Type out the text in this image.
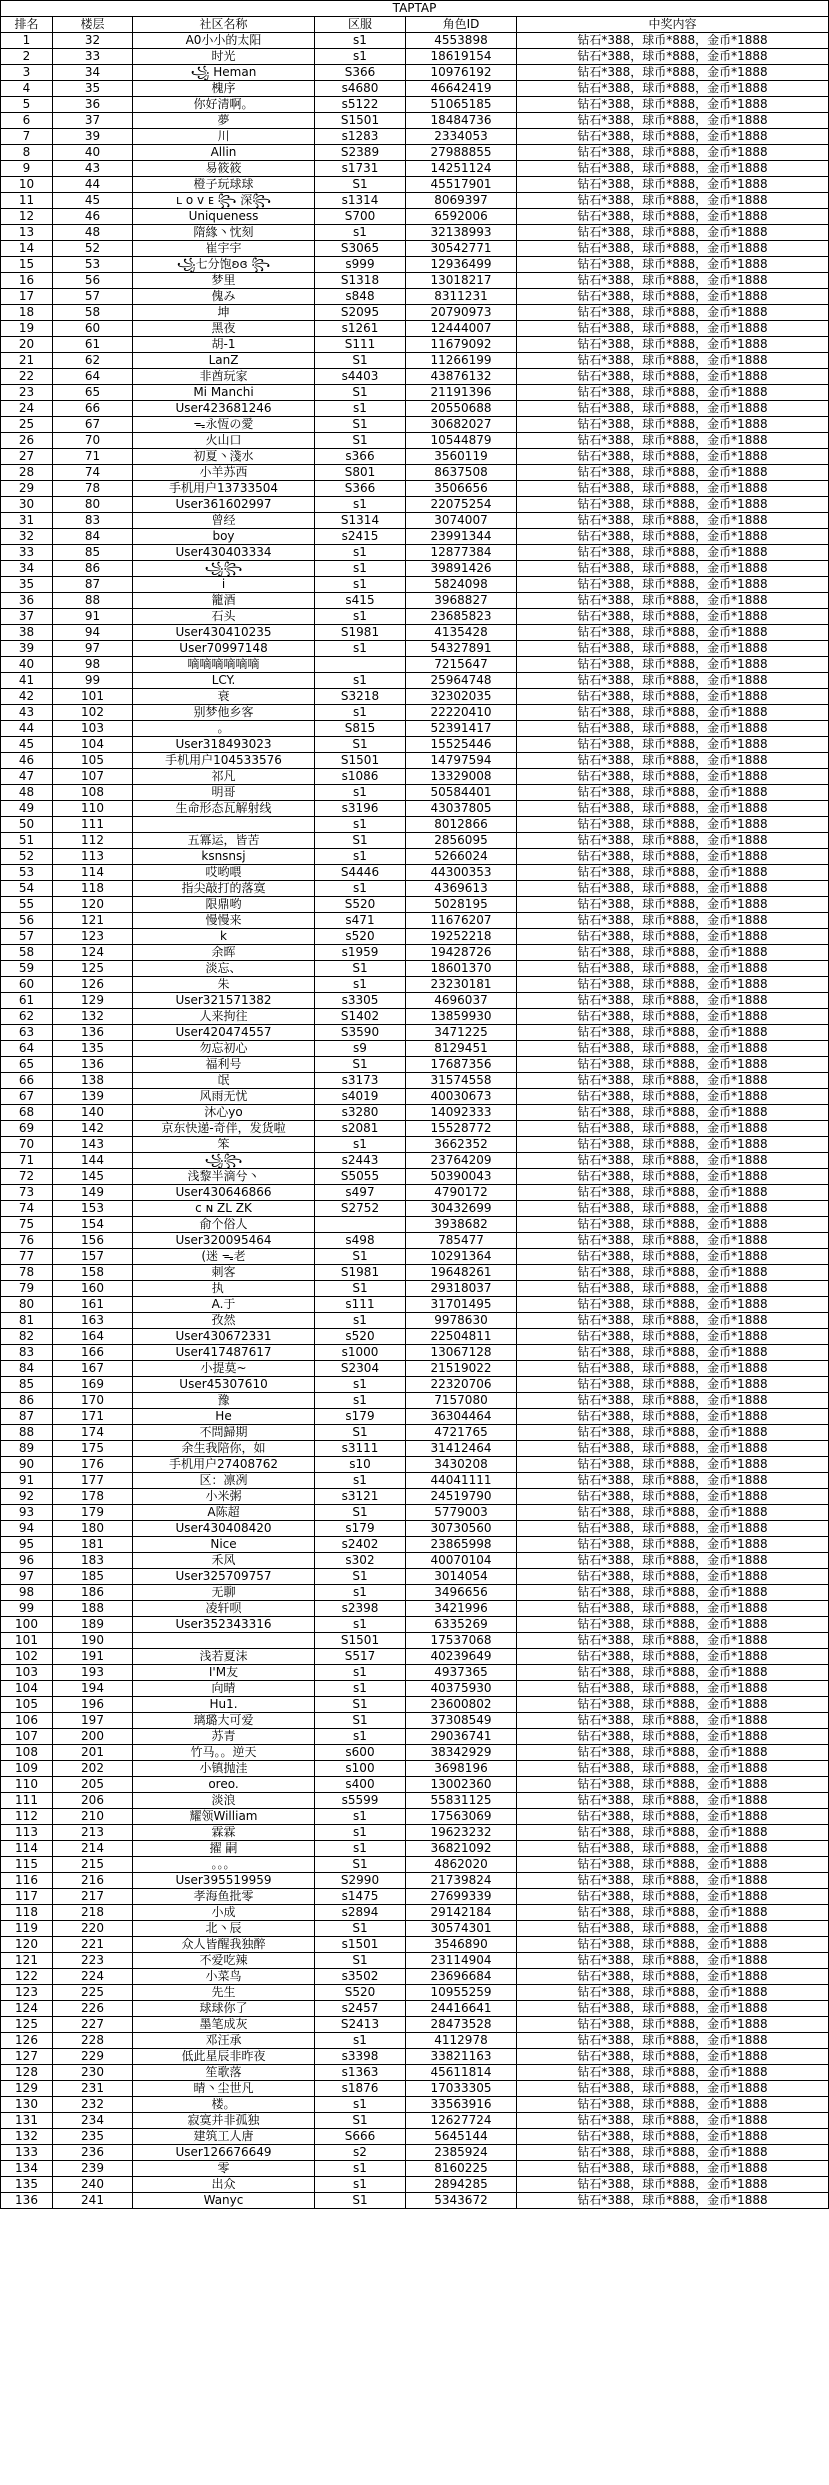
TAPTAP					
排名	楼层	社区名称	区服	角色ID	中奖内容
1	32	A0小小的太阳	s1	4553898	钻石*388，球币*888，金币*1888
2	33	时光	s1	18619154	钻石*388，球币*888，金币*1888
3	34	꧁ Heman	S366	10976192	钻石*388，球币*888，金币*1888
4	35	槐序	s4680	46642419	钻石*388，球币*888，金币*1888
5	36	你好清啊。	s5122	51065185	钻石*388，球币*888，金币*1888
6	37	夢	S1501	18484736	钻石*388，球币*888，金币*1888
7	39	川	s1283	2334053	钻石*388，球币*888，金币*1888
8	40	Allin	S2389	27988855	钻石*388，球币*888，金币*1888
9	43	易筱筱	s1731	14251124	钻石*388，球币*888，金币*1888
10	44	橙子玩球球	S1	45517901	钻石*388，球币*888，金币*1888
11	45	ʟ ᴏ ᴠ ᴇ ꧂ 深꧂	s1314	8069397	钻石*388，球币*888，金币*1888
12	46	Uniqueness	S700	6592006	钻石*388，球币*888，金币*1888
13	48	隋緣丶忱刻	s1	32138993	钻石*388，球币*888，金币*1888
14	52	崔宇宇	S3065	30542771	钻石*388，球币*888，金币*1888
15	53	꧁七分饱ʚɞ ꧂	s999	12936499	钻石*388，球币*888，金币*1888
16	56	梦里	S1318	13018217	钻石*388，球币*888，金币*1888
17	57	傀み	s848	8311231	钻石*388，球币*888，金币*1888
18	58	坤	S2095	20790973	钻石*388，球币*888，金币*1888
19	60	黑夜	s1261	12444007	钻石*388，球币*888，金币*1888
20	61	胡-1	S111	11679092	钻石*388，球币*888，金币*1888
21	62	LanZ	S1	11266199	钻石*388，球币*888，金币*1888
22	64	非酋玩家	s4403	43876132	钻石*388，球币*888，金币*1888
23	65	Mi Manchi	S1	21191396	钻石*388，球币*888，金币*1888
24	66	User423681246	s1	20550688	钻石*388，球币*888，金币*1888
25	67	ᯓ永恆の愛	S1	30682027	钻石*388，球币*888，金币*1888
26	70	火山口	S1	10544879	钻石*388，球币*888，金币*1888
27	71	初夏丶淺水	s366	3560119	钻石*388，球币*888，金币*1888
28	74	小羊苏西	S801	8637508	钻石*388，球币*888，金币*1888
29	78	手机用户13733504	S366	3506656	钻石*388，球币*888，金币*1888
30	80	User361602997	s1	22075254	钻石*388，球币*888，金币*1888
31	83	曾经	S1314	3074007	钻石*388，球币*888，金币*1888
32	84	boy	s2415	23991344	钻石*388，球币*888，金币*1888
33	85	User430403334	s1	12877384	钻石*388，球币*888，金币*1888
34	86	꧁꧂	s1	39891426	钻石*388，球币*888，金币*1888
35	87	i	s1	5824098	钻石*388，球币*888，金币*1888
36	88	籠酒	s415	3968827	钻石*388，球币*888，金币*1888
37	91	石头	s1	23685823	钻石*388，球币*888，金币*1888
38	94	User430410235	S1981	4135428	钻石*388，球币*888，金币*1888
39	97	User70997148	s1	54327891	钻石*388，球币*888，金币*1888
40	98	嘀嘀嘀嘀嘀嘀		7215647	钻石*388，球币*888，金币*1888
41	99	LCY.	s1	25964748	钻石*388，球币*888，金币*1888
42	101	衰	S3218	32302035	钻石*388，球币*888，金币*1888
43	102	别梦他乡客	s1	22220410	钻石*388，球币*888，金币*1888
44	103	。	S815	52391417	钻石*388，球币*888，金币*1888
45	104	User318493023	S1	15525446	钻石*388，球币*888，金币*1888
46	105	手机用户104533576	S1501	14797594	钻石*388，球币*888，金币*1888
47	107	祁凡	s1086	13329008	钻石*388，球币*888，金币*1888
48	108	明哥	s1	50584401	钻石*388，球币*888，金币*1888
49	110	生命形态瓦解射线	s3196	43037805	钻石*388，球币*888，金币*1888
50	111	ᅟ	s1	8012866	钻石*388，球币*888，金币*1888
51	112	五冪运，皆苦	S1	2856095	钻石*388，球币*888，金币*1888
52	113	ksnsnsj	s1	5266024	钻石*388，球币*888，金币*1888
53	114	哎哟喂	S4446	44300353	钻石*388，球币*888，金币*1888
54	118	指尖敲打的落寞	s1	4369613	钻石*388，球币*888，金币*1888
55	120	限鼎哟	S520	5028195	钻石*388，球币*888，金币*1888
56	121	慢慢来	s471	11676207	钻石*388，球币*888，金币*1888
57	123	k	s520	19252218	钻石*388，球币*888，金币*1888
58	124	余晖	s1959	19428726	钻石*388，球币*888，金币*1888
59	125	淡忘、	S1	18601370	钻石*388，球币*888，金币*1888
60	126	朱	s1	23230181	钻石*388，球币*888，金币*1888
61	129	User321571382	s3305	4696037	钻石*388，球币*888，金币*1888
62	132	人来拘往	S1402	13859930	钻石*388，球币*888，金币*1888
63	136	User420474557	S3590	3471225	钻石*388，球币*888，金币*1888
64	135	勿忘初心	s9	8129451	钻石*388，球币*888，金币*1888
65	136	福利号	S1	17687356	钻石*388，球币*888，金币*1888
66	138	氓	s3173	31574558	钻石*388，球币*888，金币*1888
67	139	风雨无忧	s4019	40030673	钻石*388，球币*888，金币*1888
68	140	沐心yo	s3280	14092333	钻石*388，球币*888，金币*1888
69	142	京东快递-奇伴，发货啦	s2081	15528772	钻石*388，球币*888，金币*1888
70	143	笨	s1	3662352	钻石*388，球币*888，金币*1888
71	144	꧁꧂	s2443	23764209	钻石*388，球币*888，金币*1888
72	145	浅黎半滴兮丶	S5055	50390043	钻石*388，球币*888，金币*1888
73	149	User430646866	s497	4790172	钻石*388，球币*888，金币*1888
74	153	ᴄ ɴ ZL ZK	S2752	30432699	钻石*388，球币*888，金币*1888
75	154	俞个俗人		3938682	钻石*388，球币*888，金币*1888
76	156	User320095464	s498	785477	钻石*388，球币*888，金币*1888
77	157	(迷 ᯓ老	S1	10291364	钻石*388，球币*888，金币*1888
78	158	刺客	S1981	19648261	钻石*388，球币*888，金币*1888
79	160	执ᅟ	S1	29318037	钻石*388，球币*888，金币*1888
80	161	A.于	s111	31701495	钻石*388，球币*888，金币*1888
81	163	孜然	s1	9978630	钻石*388，球币*888，金币*1888
82	164	User430672331	s520	22504811	钻石*388，球币*888，金币*1888
83	166	User417487617	s1000	13067128	钻石*388，球币*888，金币*1888
84	167	小提莫~	S2304	21519022	钻石*388，球币*888，金币*1888
85	169	User45307610	s1	22320706	钻石*388，球币*888，金币*1888
86	170	豫	s1	7157080	钻石*388，球币*888，金币*1888
87	171	He	s179	36304464	钻石*388，球币*888，金币*1888
88	174	不問歸期	S1	4721765	钻石*388，球币*888，金币*1888
89	175	余生我陪你，如	s3111	31412464	钻石*388，球币*888，金币*1888
90	176	手机用户27408762	s10	3430208	钻石*388，球币*888，金币*1888
91	177	区：凛冽	s1	44041111	钻石*388，球币*888，金币*1888
92	178	小米粥	s3121	24519790	钻石*388，球币*888，金币*1888
93	179	A陈超	S1	5779003	钻石*388，球币*888，金币*1888
94	180	User430408420	s179	30730560	钻石*388，球币*888，金币*1888
95	181	Nice	s2402	23865998	钻石*388，球币*888，金币*1888
96	183	禾风	s302	40070104	钻石*388，球币*888，金币*1888
97	185	User325709757	S1	3014054	钻石*388，球币*888，金币*1888
98	186	无聊	s1	3496656	钻石*388，球币*888，金币*1888
99	188	凌轩呗	s2398	3421996	钻石*388，球币*888，金币*1888
100	189	User352343316	s1	6335269	钻石*388，球币*888，金币*1888
101	190	ᅟ	S1501	17537068	钻石*388，球币*888，金币*1888
102	191	浅若夏沫	S517	40239649	钻石*388，球币*888，金币*1888
103	193	I'M友	s1	4937365	钻石*388，球币*888，金币*1888
104	194	向晴	s1	40375930	钻石*388，球币*888，金币*1888
105	196	Hu1.	S1	23600802	钻石*388，球币*888，金币*1888
106	197	璃璐大可爱	S1	37308549	钻石*388，球币*888，金币*1888
107	200	苏青	s1	29036741	钻石*388，球币*888，金币*1888
108	201	竹马。。逆天	s600	38342929	钻石*388，球币*888，金币*1888
109	202	小镇抛洼	s100	3698196	钻石*388，球币*888，金币*1888
110	205	oreo.	s400	13002360	钻石*388，球币*888，金币*1888
111	206	淡浪	s5599	55831125	钻石*388，球币*888，金币*1888
112	210	耀领William	s1	17563069	钻石*388，球币*888，金币*1888
113	213	霖霖	s1	19623232	钻石*388，球币*888，金币*1888
114	214	擢 嗣	s1	36821092	钻石*388，球币*888，金币*1888
115	215	。。。	S1	4862020	钻石*388，球币*888，金币*1888
116	216	User395519959	S2990	21739824	钻石*388，球币*888，金币*1888
117	217	孝海鱼批零	s1475	27699339	钻石*388，球币*888，金币*1888
118	218	小成	s2894	29142184	钻石*388，球币*888，金币*1888
119	220	北丶辰	S1	30574301	钻石*388，球币*888，金币*1888
120	221	众人皆醒我独醉	s1501	3546890	钻石*388，球币*888，金币*1888
121	223	不爱吃辣	S1	23114904	钻石*388，球币*888，金币*1888
122	224	小菜鸟	s3502	23696684	钻石*388，球币*888，金币*1888
123	225	先生	S520	10955259	钻石*388，球币*888，金币*1888
124	226	球球你了	s2457	24416641	钻石*388，球币*888，金币*1888
125	227	墨笔成灰	S2413	28473528	钻石*388，球币*888，金币*1888
126	228	邓汪承	s1	4112978	钻石*388，球币*888，金币*1888
127	229	低此星辰非昨夜	s3398	33821163	钻石*388，球币*888，金币*1888
128	230	笙歌落	s1363	45611814	钻石*388，球币*888，金币*1888
129	231	晴丶尘世凡	s1876	17033305	钻石*388，球币*888，金币*1888
130	232	楼。	s1	33563916	钻石*388，球币*888，金币*1888
131	234	寂寞并非孤独	S1	12627724	钻石*388，球币*888，金币*1888
132	235	建筑工人唐	S666	5645144	钻石*388，球币*888，金币*1888
133	236	User126676649	s2	2385924	钻石*388，球币*888，金币*1888
134	239	零	s1	8160225	钻石*388，球币*888，金币*1888
135	240	出众	s1	2894285	钻石*388，球币*888，金币*1888
136	241	Wanyc	S1	5343672	钻石*388，球币*888，金币*1888
